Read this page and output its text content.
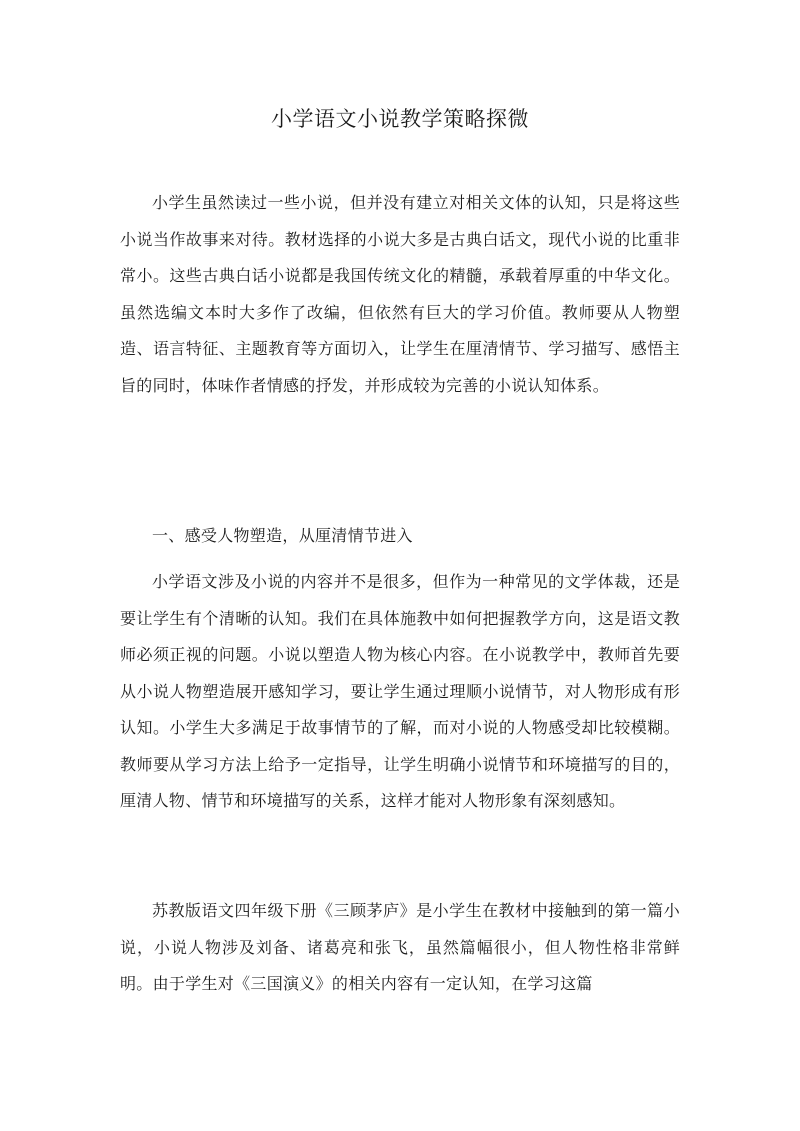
小学语文小说教学策略探微

小学生虽然读过一些小说，但并没有建立对相关文体的认知，只是将这些小说当作故事来对待。教材选择的小说大多是古典白话文，现代小说的比重非常小。这些古典白话小说都是我国传统文化的精髓，承载着厚重的中华文化。虽然选编文本时大多作了改编，但依然有巨大的学习价值。教师要从人物塑造、语言特征、主题教育等方面切入，让学生在厘清情节、学习描写、感悟主旨的同时，体味作者情感的抒发，并形成较为完善的小说认知体系。

一、感受人物塑造，从厘清情节进入

小学语文涉及小说的内容并不是很多，但作为一种常见的文学体裁，还是要让学生有个清晰的认知。我们在具体施教中如何把握教学方向，这是语文教师必须正视的问题。小说以塑造人物为核心内容。在小说教学中，教师首先要从小说人物塑造展开感知学习，要让学生通过理顺小说情节，对人物形成有形认知。小学生大多满足于故事情节的了解，而对小说的人物感受却比较模糊。教师要从学习方法上给予一定指导，让学生明确小说情节和环境描写的目的，厘清人物、情节和环境描写的关系，这样才能对人物形象有深刻感知。

苏教版语文四年级下册《三顾茅庐》是小学生在教材中接触到的第一篇小说，小说人物涉及刘备、诸葛亮和张飞，虽然篇幅很小，但人物性格非常鲜明。由于学生对《三国演义》的相关内容有一定认知，在学习这篇
